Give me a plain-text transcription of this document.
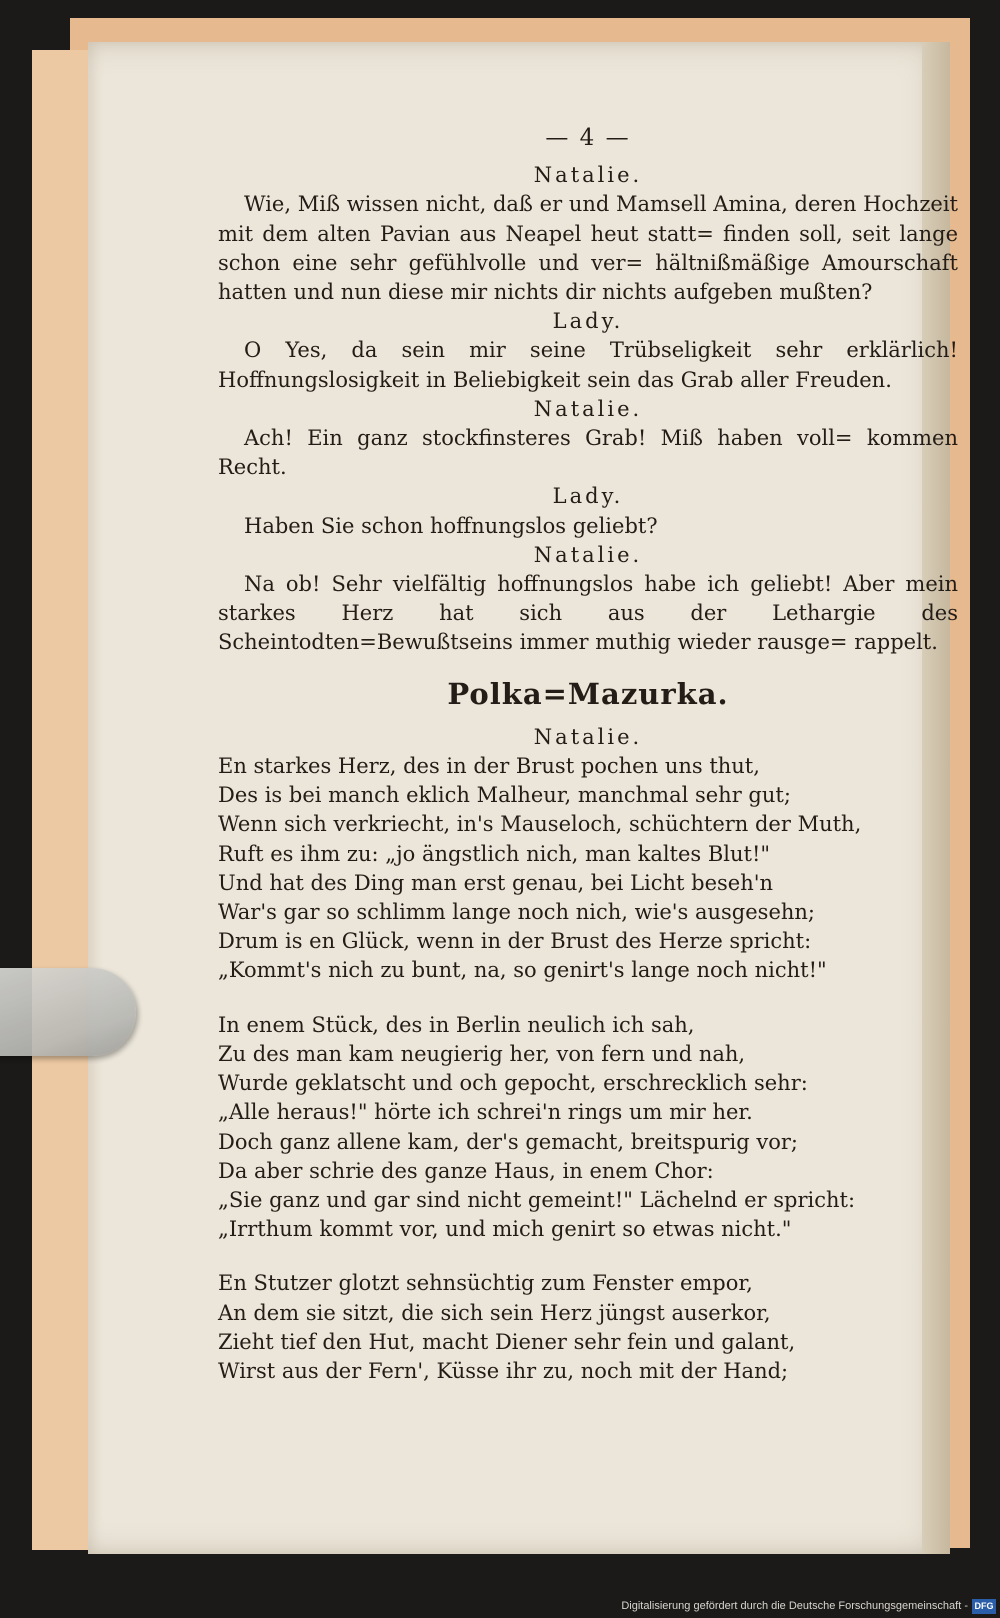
— 4 —

Natalie.

Wie, Miß wissen nicht, daß er und Mamsell Amina, deren Hochzeit mit dem alten Pavian aus Neapel heut statt= finden soll, seit lange schon eine sehr gefühlvolle und ver= hältnißmäßige Amourschaft hatten und nun diese mir nichts dir nichts aufgeben mußten?

Lady.

O Yes, da sein mir seine Trübseligkeit sehr erklärlich! Hoffnungslosigkeit in Beliebigkeit sein das Grab aller Freuden.

Natalie.

Ach! Ein ganz stockfinsteres Grab! Miß haben voll= kommen Recht.

Lady.

Haben Sie schon hoffnungslos geliebt?

Natalie.

Na ob! Sehr vielfältig hoffnungslos habe ich geliebt! Aber mein starkes Herz hat sich aus der Lethargie des Scheintodten=Bewußtseins immer muthig wieder rausge= rappelt.

Polka=Mazurka.

Natalie.

En starkes Herz, des in der Brust pochen uns thut,
Des is bei manch eklich Malheur, manchmal sehr gut;
Wenn sich verkriecht, in's Mauseloch, schüchtern der Muth,
Ruft es ihm zu: „jo ängstlich nich, man kaltes Blut!"
Und hat des Ding man erst genau, bei Licht beseh'n
War's gar so schlimm lange noch nich, wie's ausgesehn;
Drum is en Glück, wenn in der Brust des Herze spricht:
„Kommt's nich zu bunt, na, so genirt's lange noch nicht!"
In enem Stück, des in Berlin neulich ich sah,
Zu des man kam neugierig her, von fern und nah,
Wurde geklatscht und och gepocht, erschrecklich sehr:
„Alle heraus!" hörte ich schrei'n rings um mir her.
Doch ganz allene kam, der's gemacht, breitspurig vor;
Da aber schrie des ganze Haus, in enem Chor:
„Sie ganz und gar sind nicht gemeint!" Lächelnd er spricht:
„Irrthum kommt vor, und mich genirt so etwas nicht."
En Stutzer glotzt sehnsüchtig zum Fenster empor,
An dem sie sitzt, die sich sein Herz jüngst auserkor,
Zieht tief den Hut, macht Diener sehr fein und galant,
Wirst aus der Fern', Küsse ihr zu, noch mit der Hand;
Digitalisierung gefördert durch die Deutsche Forschungsgemeinschaft - DFG
